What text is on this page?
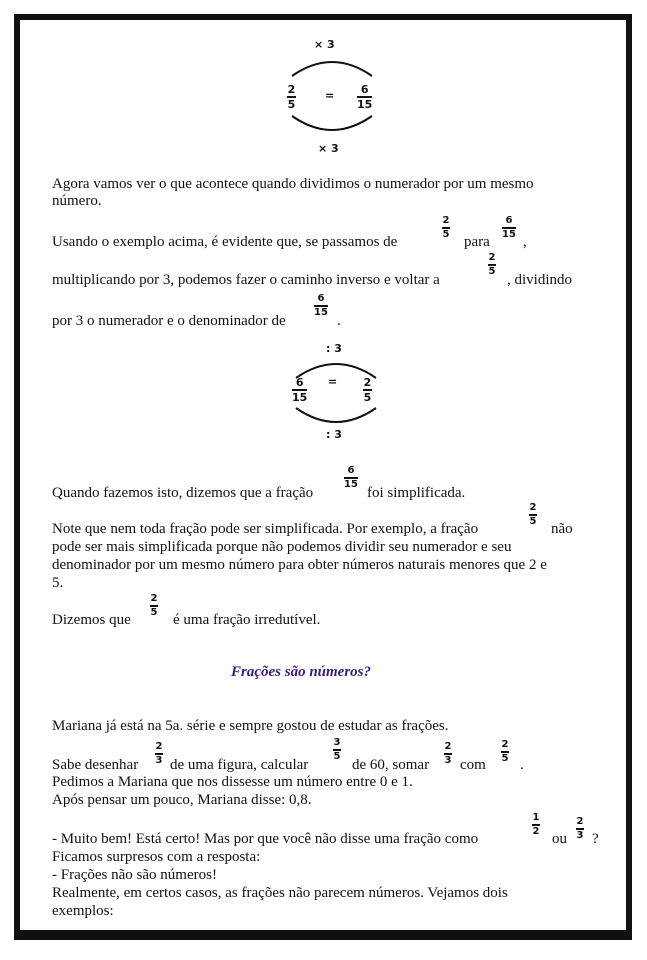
× 3
2
5
= 6
15
× 3
Agora vamos ver o que acontece quando dividimos o numerador por um mesmo
número.
Usando o exemplo acima, é evidente que, se passamos de
2
5 para
6
15 ,
multiplicando por 3, podemos fazer o caminho inverso e voltar a
2
5
, dividindo
por 3 o numerador e o denominador de
6
15
.
: 3
6
15
= 2
5
: 3
Quando fazemos isto, dizemos que a fração
6
15
foi simplificada.
Note que nem toda fração pode ser simplificada. Por exemplo, a fração
2
5 não
pode ser mais simplificada porque não podemos dividir seu numerador e seu
denominador por um mesmo número para obter números naturais menores que 2 e
5.
Dizemos que
2
5 é uma fração irredutível.
Frações são números?
Mariana já está na 5a. série e sempre gostou de estudar as frações.
Sabe desenhar
2
3 de uma figura, calcular
3
5
de 60, somar
2
3 com
2
5 .
Pedimos a Mariana que nos dissesse um número entre 0 e 1.
Após pensar um pouco, Mariana disse: 0,8.
- Muito bem! Está certo! Mas por que você não disse uma fração como
1
2 ou
2
3 ?
Ficamos surpresos com a resposta:
- Frações não são números!
Realmente, em certos casos, as frações não parecem números. Vejamos dois
exemplos:
